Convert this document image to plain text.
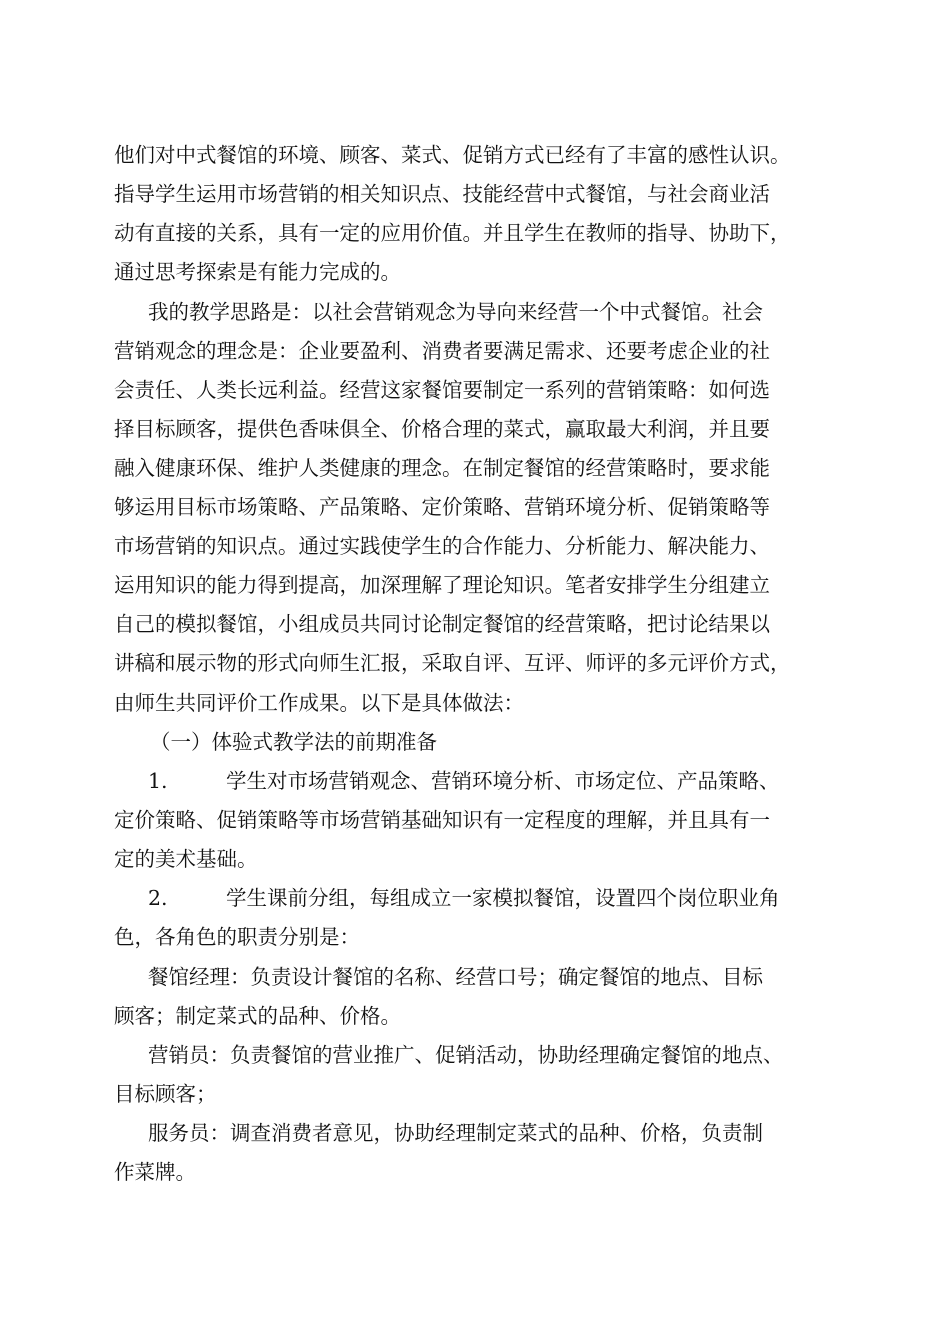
他们对中式餐馆的环境、顾客、菜式、促销方式已经有了丰富的感性认识。

指导学生运用市场营销的相关知识点、技能经营中式餐馆，与社会商业活

动有直接的关系，具有一定的应用价值。并且学生在教师的指导、协助下，

通过思考探索是有能力完成的。

我的教学思路是：以社会营销观念为导向来经营一个中式餐馆。社会

营销观念的理念是：企业要盈利、消费者要满足需求、还要考虑企业的社

会责任、人类长远利益。经营这家餐馆要制定一系列的营销策略：如何选

择目标顾客，提供色香味俱全、价格合理的菜式，赢取最大利润，并且要

融入健康环保、维护人类健康的理念。在制定餐馆的经营策略时，要求能

够运用目标市场策略、产品策略、定价策略、营销环境分析、促销策略等

市场营销的知识点。通过实践使学生的合作能力、分析能力、解决能力、

运用知识的能力得到提高，加深理解了理论知识。笔者安排学生分组建立

自己的模拟餐馆，小组成员共同讨论制定餐馆的经营策略，把讨论结果以

讲稿和展示物的形式向师生汇报，采取自评、互评、师评的多元评价方式，

由师生共同评价工作成果。以下是具体做法：

（一）体验式教学法的前期准备

1.	学生对市场营销观念、营销环境分析、市场定位、产品策略、

定价策略、促销策略等市场营销基础知识有一定程度的理解，并且具有一

定的美术基础。

2.	学生课前分组，每组成立一家模拟餐馆，设置四个岗位职业角

色，各角色的职责分别是：

餐馆经理：负责设计餐馆的名称、经营口号；确定餐馆的地点、目标

顾客；制定菜式的品种、价格。

营销员：负责餐馆的营业推广、促销活动，协助经理确定餐馆的地点、

目标顾客；

服务员：调查消费者意见，协助经理制定菜式的品种、价格，负责制

作菜牌。
